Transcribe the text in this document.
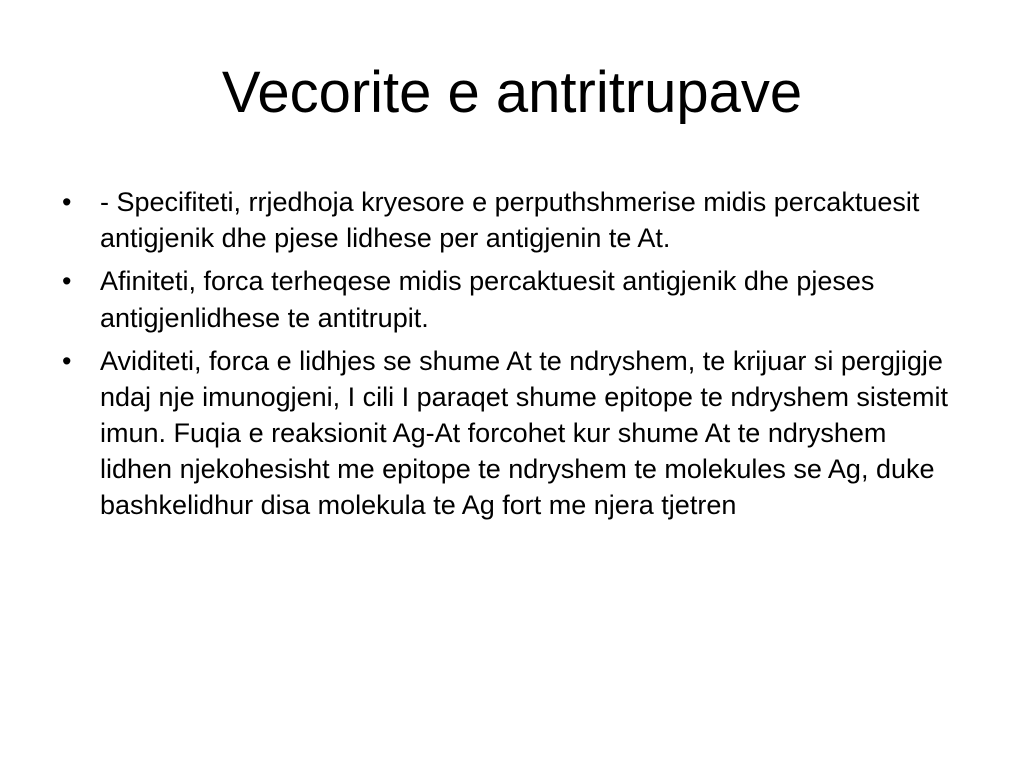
Vecorite e antritrupave
• - Specifiteti, rrjedhoja kryesore e perputhshmerise midis percaktuesit antigjenik dhe pjese lidhese per antigjenin te At.
• Afiniteti, forca terheqese midis percaktuesit antigjenik dhe pjeses antigjenlidhese te antitrupit.
• Aviditeti, forca e lidhjes se shume At te ndryshem, te krijuar si pergjigje ndaj nje imunogjeni, I cili I paraqet shume epitope te ndryshem sistemit imun. Fuqia e reaksionit Ag-At forcohet kur shume At te ndryshem lidhen njekohesisht me epitope te ndryshem te molekules se Ag, duke bashkelidhur disa molekula te Ag fort me njera tjetren
